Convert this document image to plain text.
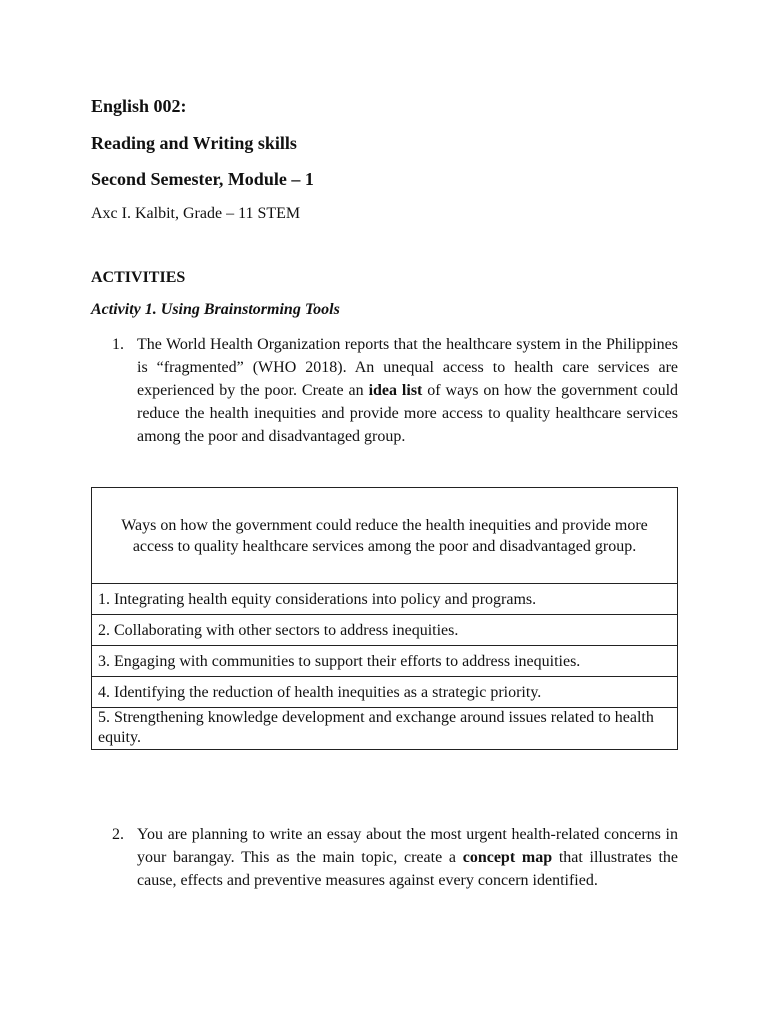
English 002:
Reading and Writing skills
Second Semester, Module – 1
Axc I. Kalbit, Grade – 11 STEM
ACTIVITIES
Activity 1. Using Brainstorming Tools
1. The World Health Organization reports that the healthcare system in the Philippines is “fragmented” (WHO 2018). An unequal access to health care services are experienced by the poor. Create an idea list of ways on how the government could reduce the health inequities and provide more access to quality healthcare services among the poor and disadvantaged group.
Ways on how the government could reduce the health inequities and provide more access to quality healthcare services among the poor and disadvantaged group.
1. Integrating health equity considerations into policy and programs.
2. Collaborating with other sectors to address inequities.
3. Engaging with communities to support their efforts to address inequities.
4. Identifying the reduction of health inequities as a strategic priority.
5. Strengthening knowledge development and exchange around issues related to health equity.
2. You are planning to write an essay about the most urgent health-related concerns in your barangay. This as the main topic, create a concept map that illustrates the cause, effects and preventive measures against every concern identified.
